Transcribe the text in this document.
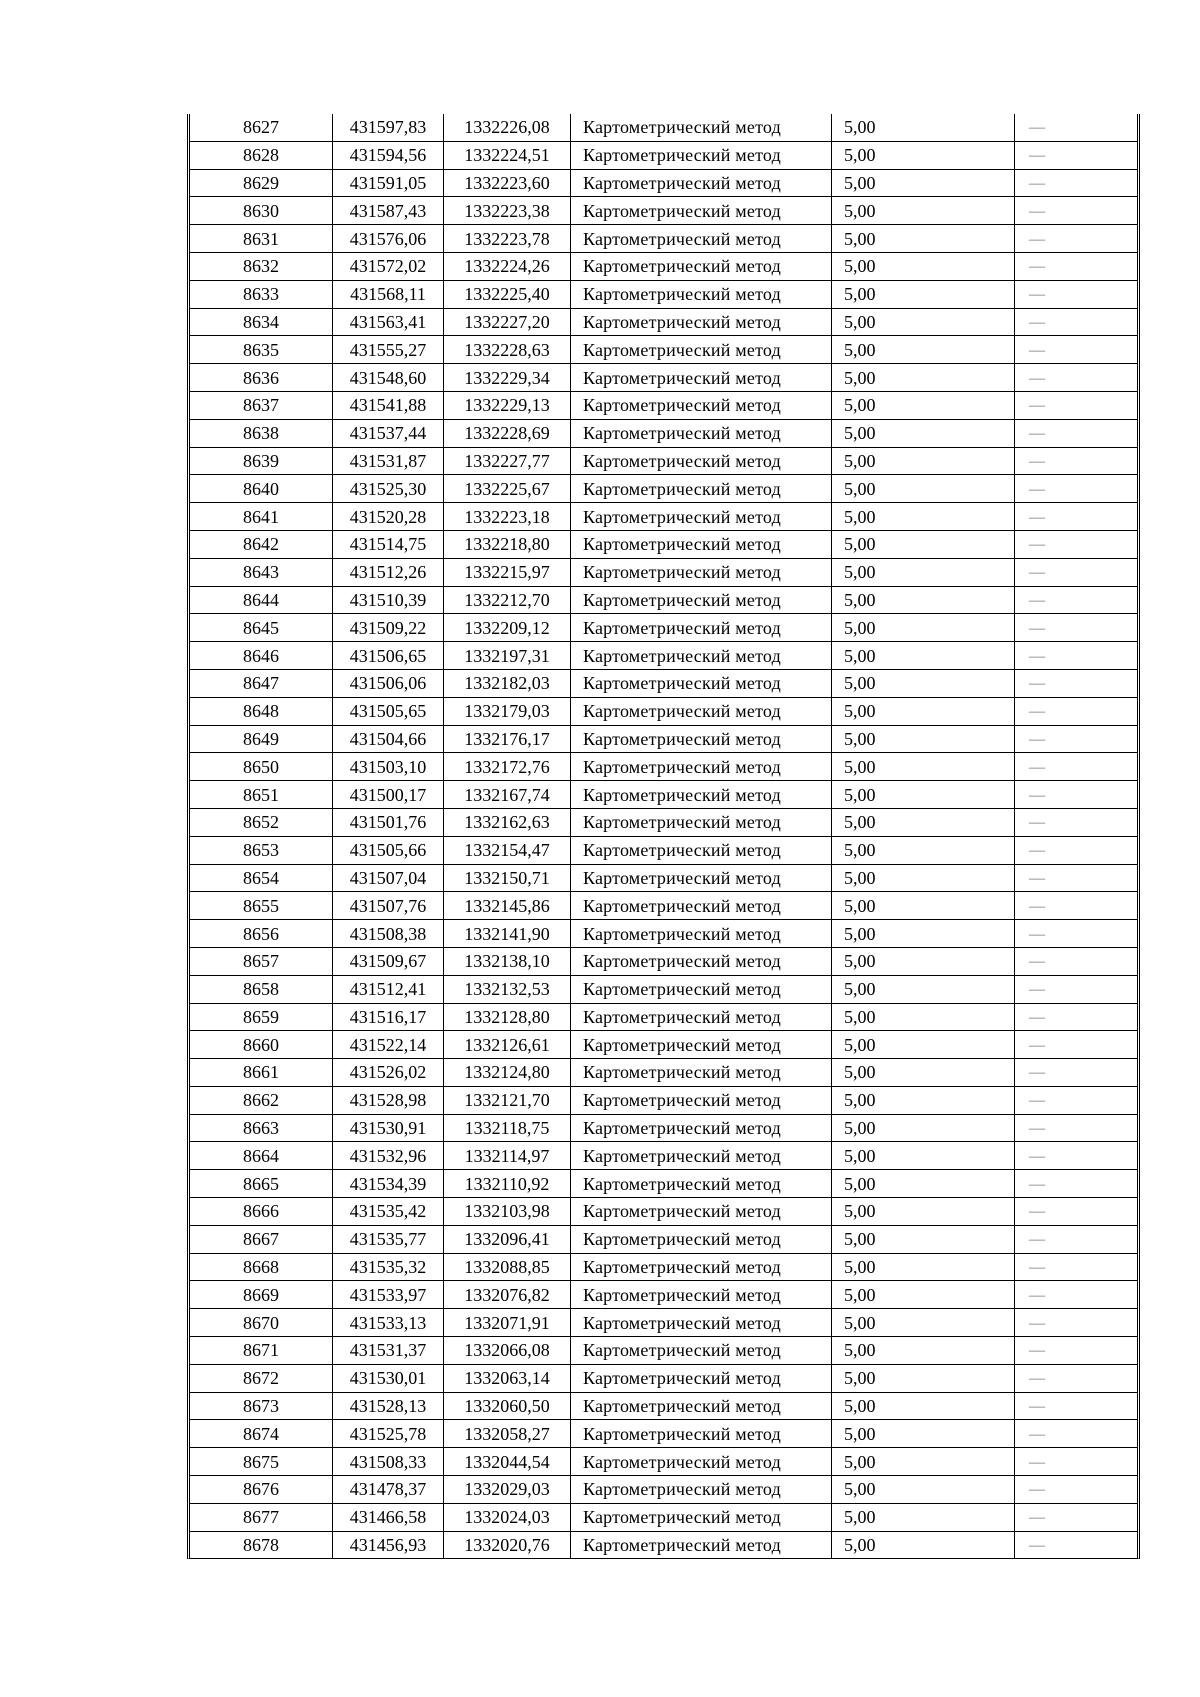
8627	431597,83	1332226,08	Картометрический метод	5,00	—
8628	431594,56	1332224,51	Картометрический метод	5,00	—
8629	431591,05	1332223,60	Картометрический метод	5,00	—
8630	431587,43	1332223,38	Картометрический метод	5,00	—
8631	431576,06	1332223,78	Картометрический метод	5,00	—
8632	431572,02	1332224,26	Картометрический метод	5,00	—
8633	431568,11	1332225,40	Картометрический метод	5,00	—
8634	431563,41	1332227,20	Картометрический метод	5,00	—
8635	431555,27	1332228,63	Картометрический метод	5,00	—
8636	431548,60	1332229,34	Картометрический метод	5,00	—
8637	431541,88	1332229,13	Картометрический метод	5,00	—
8638	431537,44	1332228,69	Картометрический метод	5,00	—
8639	431531,87	1332227,77	Картометрический метод	5,00	—
8640	431525,30	1332225,67	Картометрический метод	5,00	—
8641	431520,28	1332223,18	Картометрический метод	5,00	—
8642	431514,75	1332218,80	Картометрический метод	5,00	—
8643	431512,26	1332215,97	Картометрический метод	5,00	—
8644	431510,39	1332212,70	Картометрический метод	5,00	—
8645	431509,22	1332209,12	Картометрический метод	5,00	—
8646	431506,65	1332197,31	Картометрический метод	5,00	—
8647	431506,06	1332182,03	Картометрический метод	5,00	—
8648	431505,65	1332179,03	Картометрический метод	5,00	—
8649	431504,66	1332176,17	Картометрический метод	5,00	—
8650	431503,10	1332172,76	Картометрический метод	5,00	—
8651	431500,17	1332167,74	Картометрический метод	5,00	—
8652	431501,76	1332162,63	Картометрический метод	5,00	—
8653	431505,66	1332154,47	Картометрический метод	5,00	—
8654	431507,04	1332150,71	Картометрический метод	5,00	—
8655	431507,76	1332145,86	Картометрический метод	5,00	—
8656	431508,38	1332141,90	Картометрический метод	5,00	—
8657	431509,67	1332138,10	Картометрический метод	5,00	—
8658	431512,41	1332132,53	Картометрический метод	5,00	—
8659	431516,17	1332128,80	Картометрический метод	5,00	—
8660	431522,14	1332126,61	Картометрический метод	5,00	—
8661	431526,02	1332124,80	Картометрический метод	5,00	—
8662	431528,98	1332121,70	Картометрический метод	5,00	—
8663	431530,91	1332118,75	Картометрический метод	5,00	—
8664	431532,96	1332114,97	Картометрический метод	5,00	—
8665	431534,39	1332110,92	Картометрический метод	5,00	—
8666	431535,42	1332103,98	Картометрический метод	5,00	—
8667	431535,77	1332096,41	Картометрический метод	5,00	—
8668	431535,32	1332088,85	Картометрический метод	5,00	—
8669	431533,97	1332076,82	Картометрический метод	5,00	—
8670	431533,13	1332071,91	Картометрический метод	5,00	—
8671	431531,37	1332066,08	Картометрический метод	5,00	—
8672	431530,01	1332063,14	Картометрический метод	5,00	—
8673	431528,13	1332060,50	Картометрический метод	5,00	—
8674	431525,78	1332058,27	Картометрический метод	5,00	—
8675	431508,33	1332044,54	Картометрический метод	5,00	—
8676	431478,37	1332029,03	Картометрический метод	5,00	—
8677	431466,58	1332024,03	Картометрический метод	5,00	—
8678	431456,93	1332020,76	Картометрический метод	5,00	—
